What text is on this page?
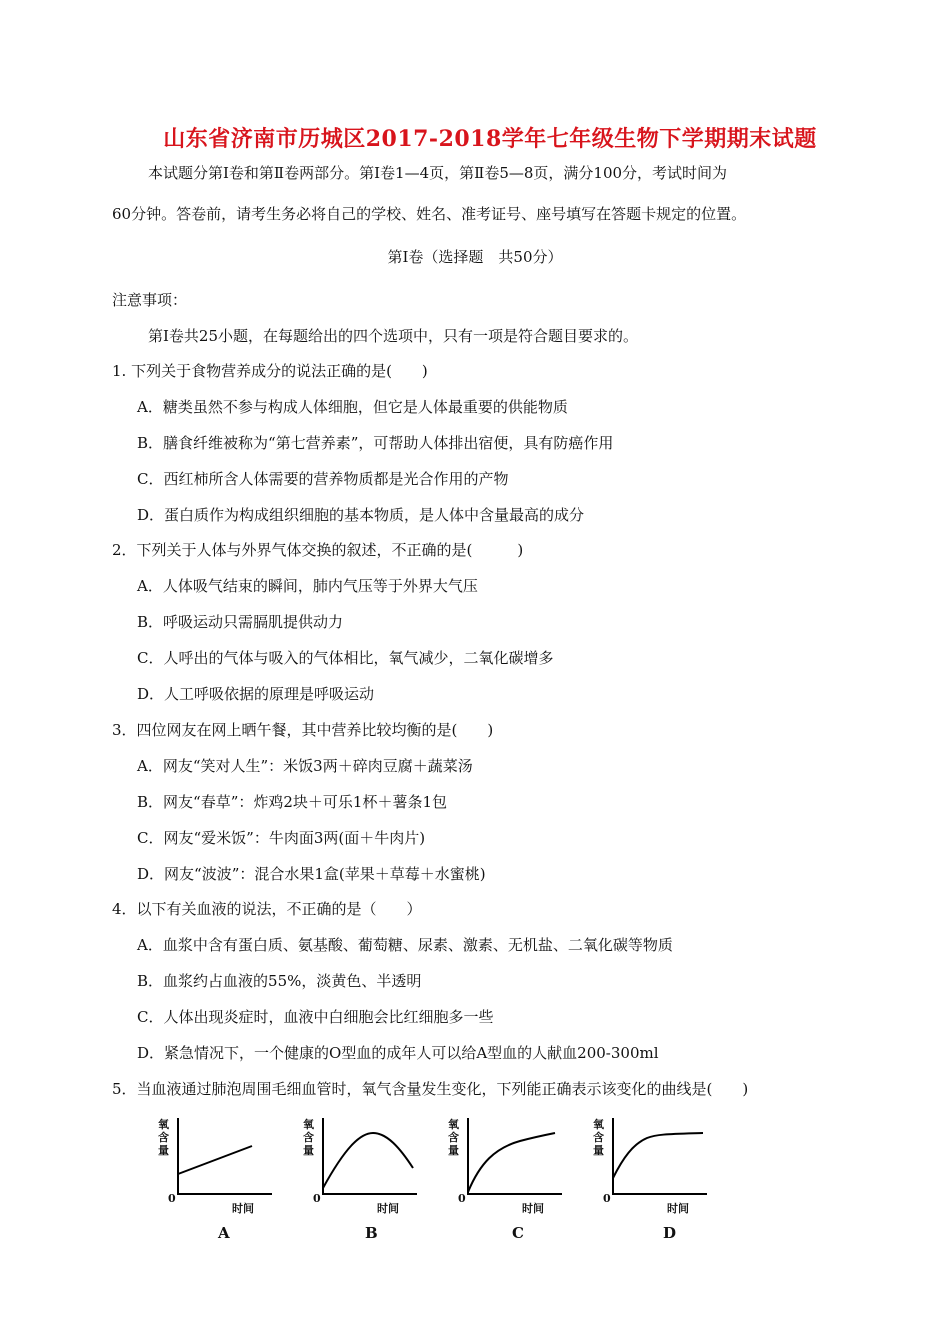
山东省济南市历城区2017-2018学年七年级生物下学期期末试题
本试题分第Ⅰ卷和第Ⅱ卷两部分。第Ⅰ卷1—4页，第Ⅱ卷5—8页，满分100分，考试时间为
60分钟。答卷前，请考生务必将自己的学校、姓名、准考证号、座号填写在答题卡规定的位置。
第Ⅰ卷（选择题　共50分）
注意事项：
第Ⅰ卷共25小题，在每题给出的四个选项中，只有一项是符合题目要求的。
1. 下列关于食物营养成分的说法正确的是(　　)
A．糖类虽然不参与构成人体细胞，但它是人体最重要的供能物质
B．膳食纤维被称为“第七营养素”，可帮助人体排出宿便，具有防癌作用
C．西红柿所含人体需要的营养物质都是光合作用的产物
D．蛋白质作为构成组织细胞的基本物质，是人体中含量最高的成分
2．下列关于人体与外界气体交换的叙述，不正确的是(　　　)
A．人体吸气结束的瞬间，肺内气压等于外界大气压
B．呼吸运动只需膈肌提供动力
C．人呼出的气体与吸入的气体相比，氧气减少，二氧化碳增多
D．人工呼吸依据的原理是呼吸运动
3．四位网友在网上晒午餐，其中营养比较均衡的是(　　)
A．网友“笑对人生”：米饭3两＋碎肉豆腐＋蔬菜汤
B．网友“春草”：炸鸡2块＋可乐1杯＋薯条1包
C．网友“爱米饭”：牛肉面3两(面＋牛肉片)
D．网友“波波”：混合水果1盒(苹果＋草莓＋水蜜桃)
4．以下有关血液的说法，不正确的是（　　）
A．血浆中含有蛋白质、氨基酸、葡萄糖、尿素、激素、无机盐、二氧化碳等物质
B．血浆约占血液的55%，淡黄色、半透明
C．人体出现炎症时，血液中白细胞会比红细胞多一些
D．紧急情况下，一个健康的O型血的成年人可以给A型血的人献血200-300ml
5．当血液通过肺泡周围毛细血管时，氧气含量发生变化，下列能正确表示该变化的曲线是(　　)
氧含量
0
时间
A
氧含量
0
时间
B
氧含量
0
时间
C
氧含量
0
时间
D
